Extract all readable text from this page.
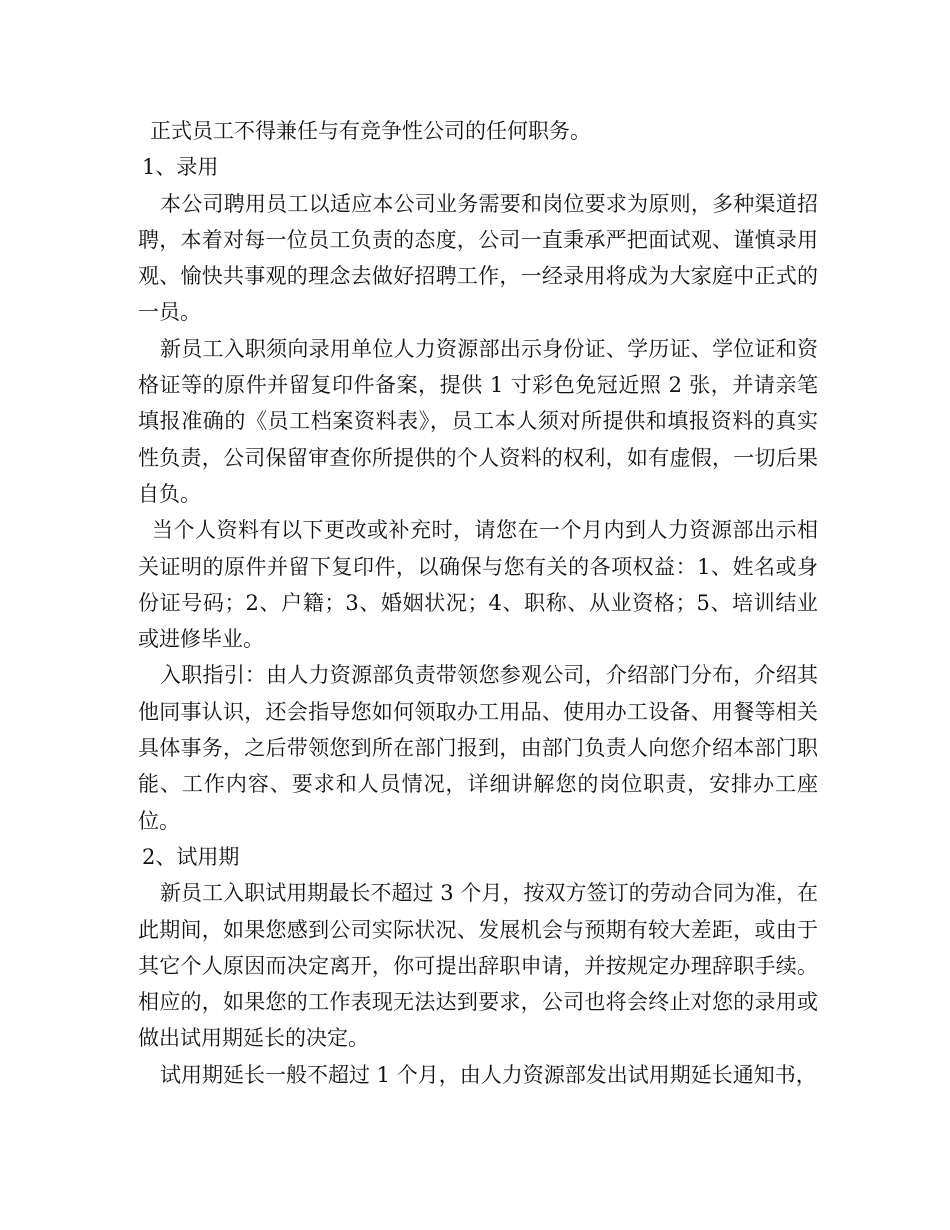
正式员工不得兼任与有竞争性公司的任何职务。

1、录用

本公司聘用员工以适应本公司业务需要和岗位要求为原则，多种渠道招聘，本着对每一位员工负责的态度，公司一直秉承严把面试观、谨慎录用观、愉快共事观的理念去做好招聘工作，一经录用将成为大家庭中正式的一员。

新员工入职须向录用单位人力资源部出示身份证、学历证、学位证和资格证等的原件并留复印件备案，提供 1 寸彩色免冠近照 2 张，并请亲笔填报准确的《员工档案资料表》，员工本人须对所提供和填报资料的真实性负责，公司保留审查你所提供的个人资料的权利，如有虚假，一切后果自负。

当个人资料有以下更改或补充时，请您在一个月内到人力资源部出示相关证明的原件并留下复印件，以确保与您有关的各项权益：1、姓名或身份证号码；2、户籍；3、婚姻状况；4、职称、从业资格；5、培训结业或进修毕业。

入职指引：由人力资源部负责带领您参观公司，介绍部门分布，介绍其他同事认识，还会指导您如何领取办工用品、使用办工设备、用餐等相关具体事务，之后带领您到所在部门报到，由部门负责人向您介绍本部门职能、工作内容、要求和人员情况，详细讲解您的岗位职责，安排办工座位。

2、试用期

新员工入职试用期最长不超过 3 个月，按双方签订的劳动合同为准，在此期间，如果您感到公司实际状况、发展机会与预期有较大差距，或由于其它个人原因而决定离开，你可提出辞职申请，并按规定办理辞职手续。相应的，如果您的工作表现无法达到要求，公司也将会终止对您的录用或做出试用期延长的决定。

试用期延长一般不超过 1 个月，由人力资源部发出试用期延长通知书，
